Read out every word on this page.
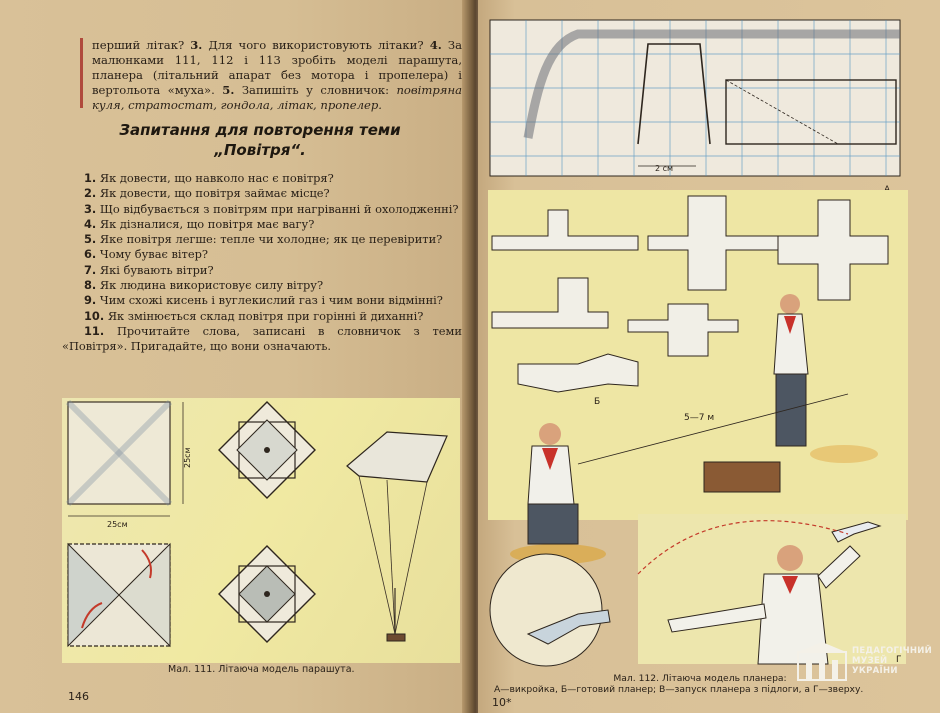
перший літак? 3. Для чого використовують літаки? 4. За малюнками 111, 112 і 113 зробіть моделі парашута, планера (літальний апарат без мотора і пропелера) і вертольота «муха». 5. Запишіть у словничок: повітряна куля, стратостат, гондола, літак, пропелер.

Запитання для повторення теми
„Повітря“.
1. Як довести, що навколо нас є повітря?
2. Як довести, що повітря займає місце?
3. Що відбувається з повітрям при нагріванні й охолодженні?
4. Як дізналися, що повітря має вагу?
5. Яке повітря легше: тепле чи холодне; як це перевірити?
6. Чому буває вітер?
7. Які бувають вітри?
8. Як людина використовує силу вітру?
9. Чим схожі кисень і вуглекислий газ і чим вони відмінні?
10. Як змінюється склад повітря при горінні й диханні?
11. Прочитайте слова, записані в словничок з теми «Повітря». Пригадайте, що вони означають.
25см
25см
Мал. 111. Літаюча модель парашута.
146
2 см
Б
5—7 м
Г
Мал. 112. Літаюча модель планера:
А—викройка, Б—готовий планер; В—запуск планера з підлоги, а Г—зверху.
10*
ПЕДАГОГІЧНИЙ
МУЗЕЙ
УКРАЇНИ
